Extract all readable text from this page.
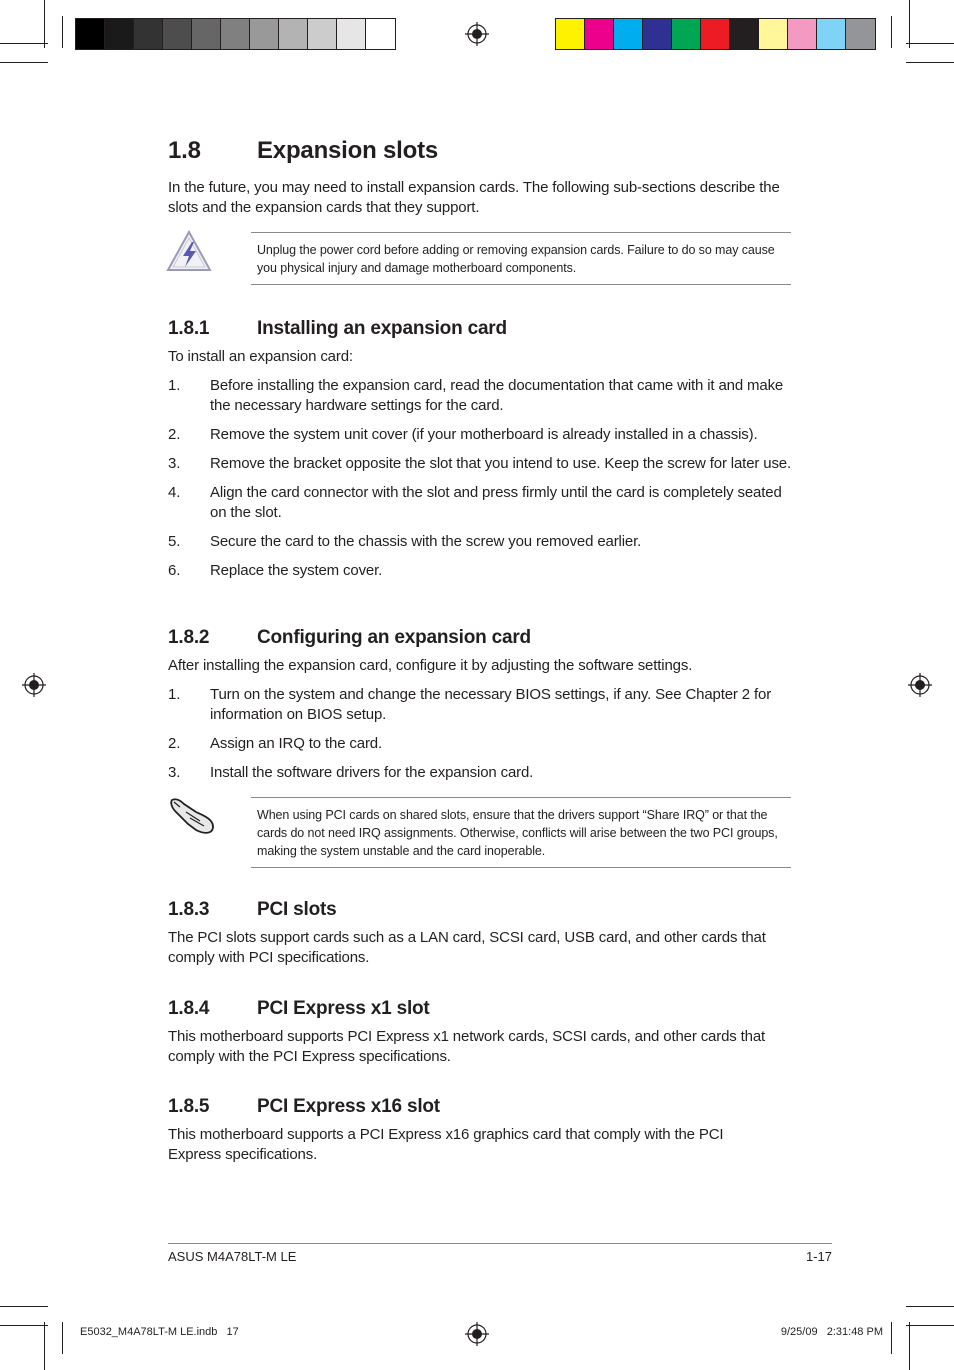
1.8 Expansion slots

In the future, you may need to install expansion cards. The following sub-sections describe the slots and the expansion cards that they support.

Unplug the power cord before adding or removing expansion cards. Failure to do so may cause you physical injury and damage motherboard components.

1.8.1	Installing an expansion card

To install an expansion card:

1. Before installing the expansion card, read the documentation that came with it and make the necessary hardware settings for the card.
2. Remove the system unit cover (if your motherboard is already installed in a chassis).
3. Remove the bracket opposite the slot that you intend to use. Keep the screw for later use.
4. Align the card connector with the slot and press firmly until the card is completely seated on the slot.
5. Secure the card to the chassis with the screw you removed earlier.
6. Replace the system cover.
1.8.2	Configuring an expansion card

After installing the expansion card, configure it by adjusting the software settings.

1. Turn on the system and change the necessary BIOS settings, if any. See Chapter 2 for information on BIOS setup.
2. Assign an IRQ to the card.
3. Install the software drivers for the expansion card.

When using PCI cards on shared slots, ensure that the drivers support “Share IRQ” or that the cards do not need IRQ assignments. Otherwise, conflicts will arise between the two PCI groups, making the system unstable and the card inoperable.

1.8.3	PCI slots

The PCI slots support cards such as a LAN card, SCSI card, USB card, and other cards that comply with PCI specifications.

1.8.4	PCI Express x1 slot

This motherboard supports PCI Express x1 network cards, SCSI cards, and other cards that comply with the PCI Express specifications.

1.8.5	PCI Express x16 slot

This motherboard supports a PCI Express x16 graphics card that comply with the PCI Express specifications.

ASUS M4A78LT-M LE	1-17
E5032_M4A78LT-M LE.indb   17	9/25/09   2:31:48 PM
